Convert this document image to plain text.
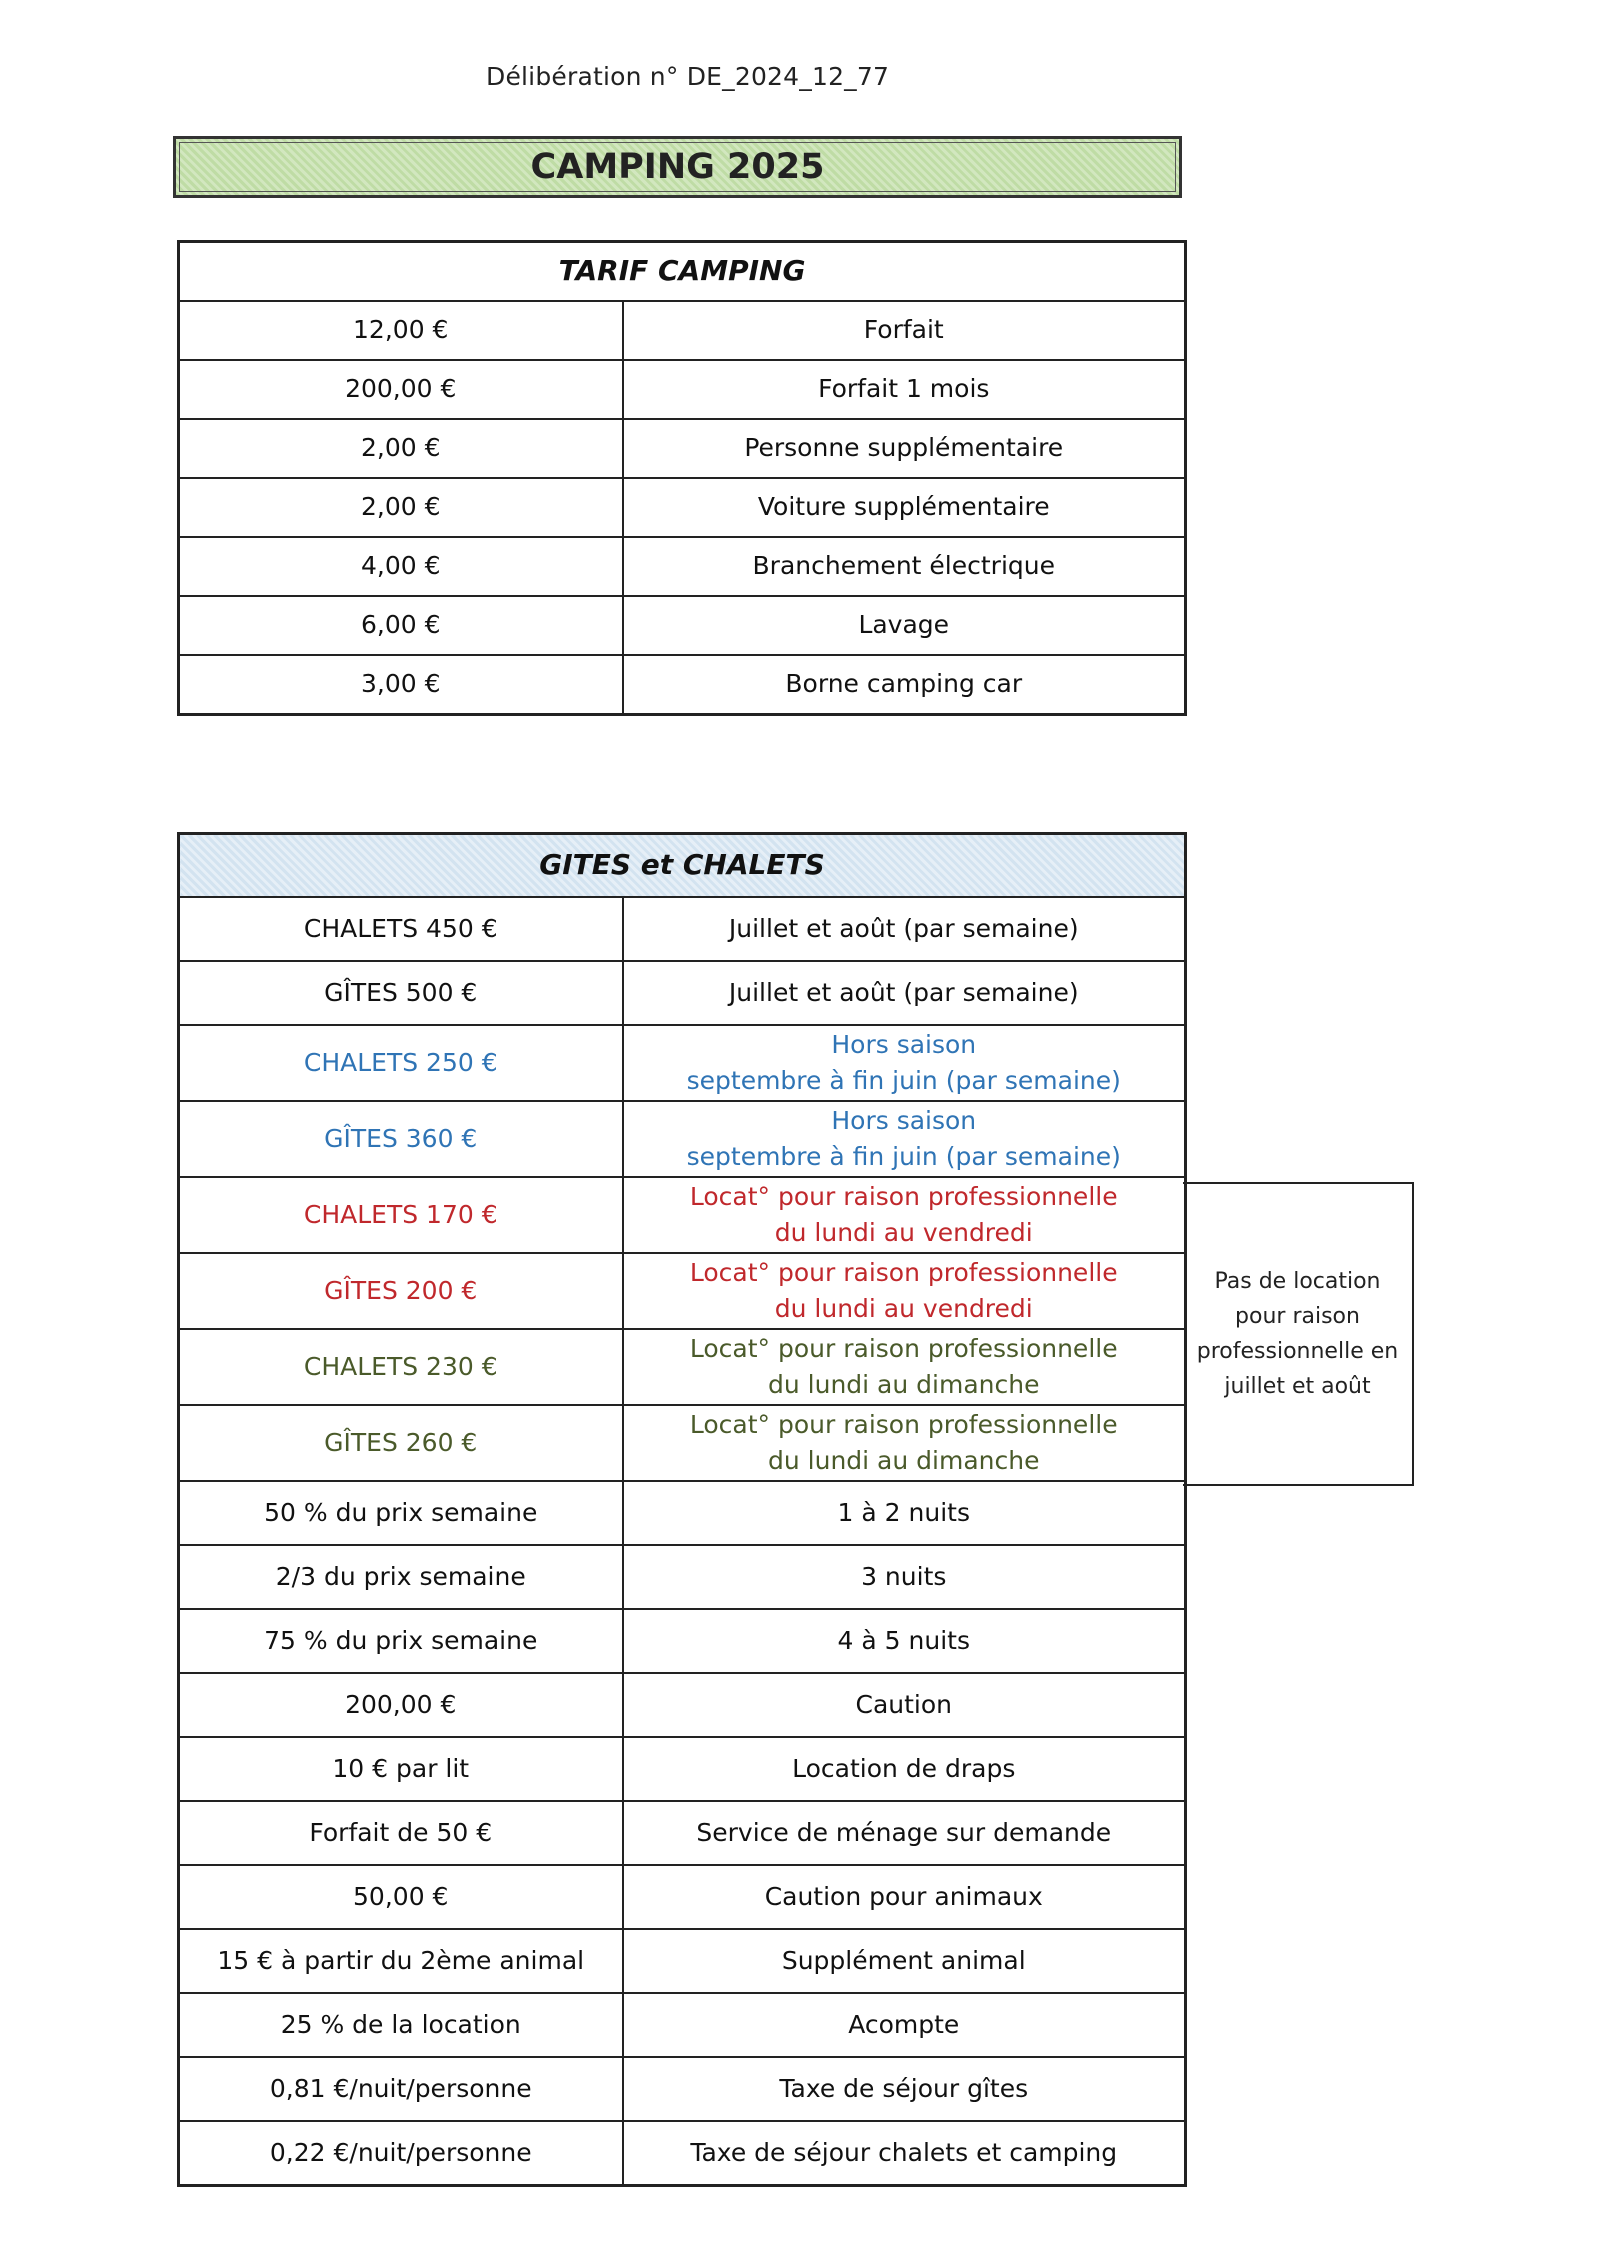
Délibération n° DE_2024_12_77
CAMPING 2025
TARIF CAMPING	
12,00 €	Forfait
200,00 €	Forfait 1 mois
2,00 €	Personne supplémentaire
2,00 €	Voiture supplémentaire
4,00 €	Branchement électrique
6,00 €	Lavage
3,00 €	Borne camping car
GITES et CHALETS	
CHALETS 450 €	Juillet et août (par semaine)
GÎTES 500 €	Juillet et août (par semaine)
CHALETS 250 €	Hors saison
septembre à fin juin (par semaine)

GÎTES 360 €	Hors saison
septembre à fin juin (par semaine)

CHALETS 170 €	Locat° pour raison professionnelle
du lundi au vendredi

GÎTES 200 €	Locat° pour raison professionnelle
du lundi au vendredi

CHALETS 230 €	Locat° pour raison professionnelle
du lundi au dimanche

GÎTES 260 €	Locat° pour raison professionnelle
du lundi au dimanche

50 % du prix semaine	1 à 2 nuits
2/3 du prix semaine	3 nuits
75 % du prix semaine	4 à 5 nuits
200,00 €	Caution
10 € par lit	Location de draps
Forfait de 50 €	Service de ménage sur demande
50,00 €	Caution pour animaux
15 € à partir du 2ème animal	Supplément animal
25 % de la location	Acompte
0,81 €/nuit/personne	Taxe de séjour gîtes
0,22 €/nuit/personne	Taxe de séjour chalets et camping
Pas de location pour raison professionnelle en juillet et août
